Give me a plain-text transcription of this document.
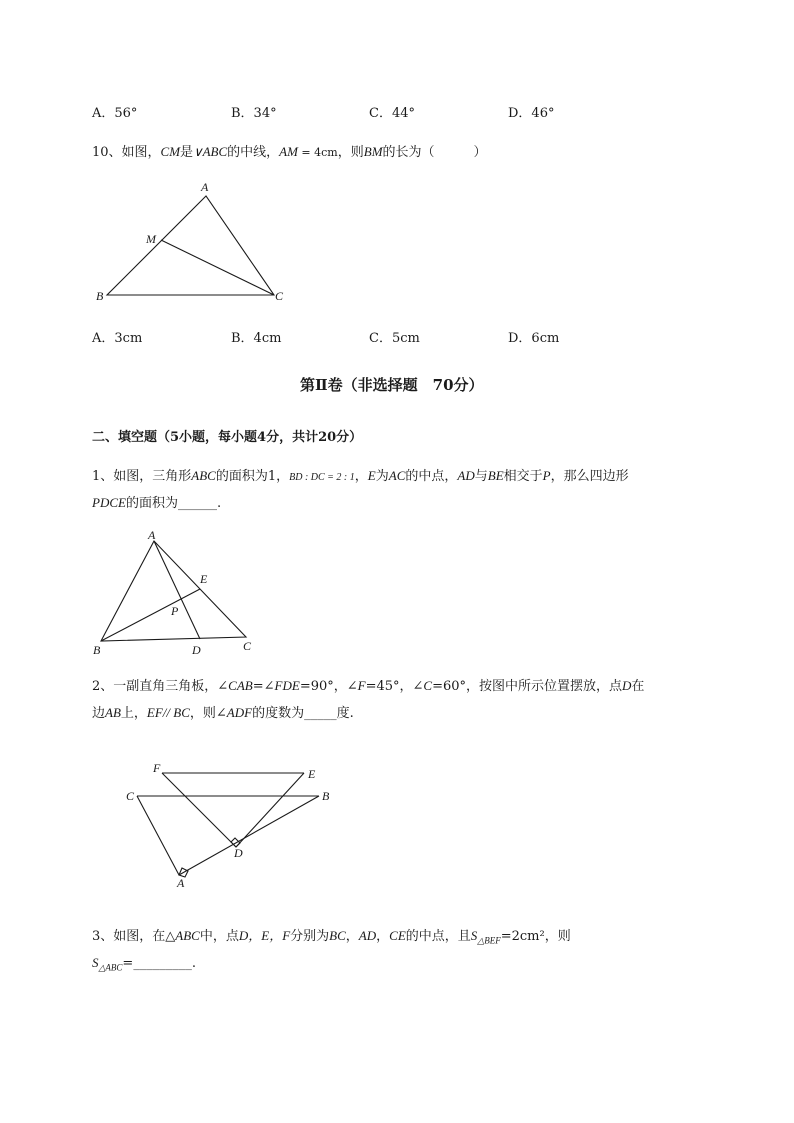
A．56°	B．34°	C．44°	D．46°
10、如图，CM是∨ABC的中线，AM = 4cm，则BM的长为（　　　）
A
M
B	C
A．3cm	B．4cm	C．5cm	D．6cm
第Ⅱ卷（非选择题　70分）
二、填空题（5小题，每小题4分，共计20分）
1、如图，三角形ABC的面积为1，BD : DC = 2 : 1，E为AC的中点，AD与BE相交于P，那么四边形
PDCE的面积为______.
A
E
P
B	D	C
2、一副直角三角板，∠CAB=∠FDE=90°，∠F=45°，∠C=60°，按图中所示位置摆放，点D在
边AB上，EF// BC，则∠ADF的度数为_____度.
F	E
C	B
D
A
3、如图，在△ABC中，点D，E，F分别为BC，AD，CE的中点，且$S_{\triangle BEF}=2cm^2$，则
$S_{\triangle ABC}=\_\_\_\_\_\_\_\_\_$.
